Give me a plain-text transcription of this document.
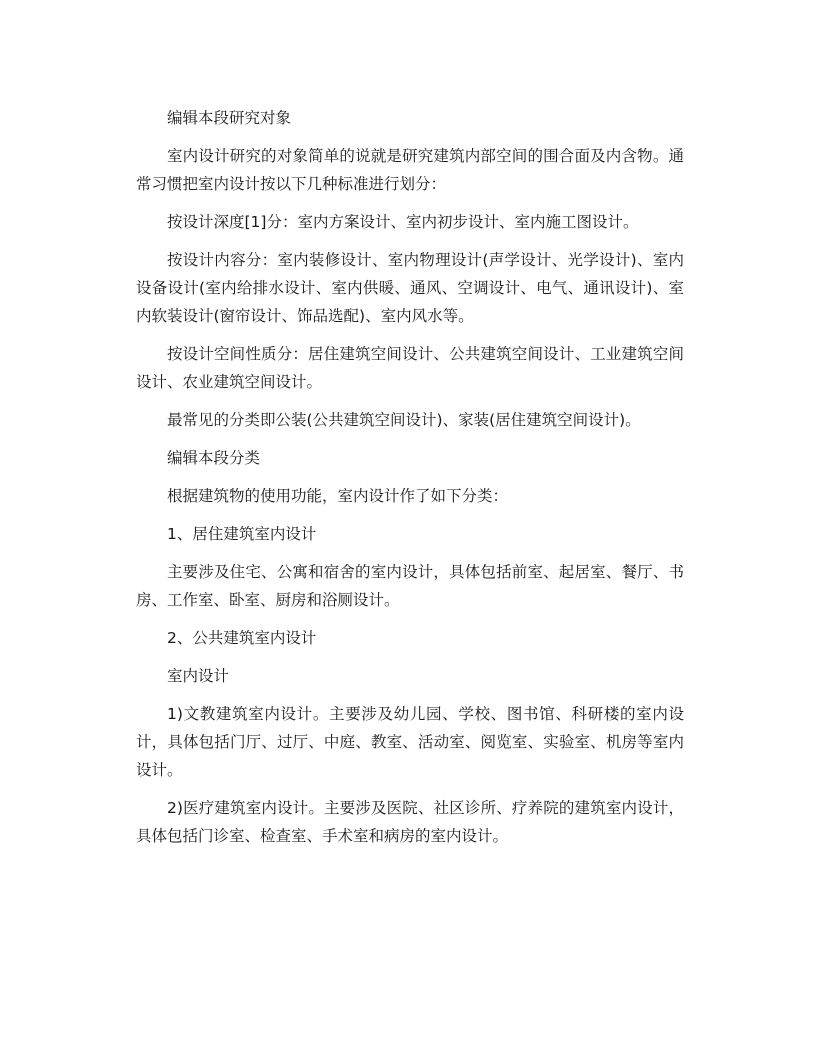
编辑本段研究对象

室内设计研究的对象简单的说就是研究建筑内部空间的围合面及内含物。通常习惯把室内设计按以下几种标准进行划分：

按设计深度[1]分：室内方案设计、室内初步设计、室内施工图设计。

按设计内容分：室内装修设计、室内物理设计(声学设计、光学设计)、室内设备设计(室内给排水设计、室内供暖、通风、空调设计、电气、通讯设计)、室内软装设计(窗帘设计、饰品选配)、室内风水等。

按设计空间性质分：居住建筑空间设计、公共建筑空间设计、工业建筑空间设计、农业建筑空间设计。

最常见的分类即公装(公共建筑空间设计)、家装(居住建筑空间设计)。

编辑本段分类

根据建筑物的使用功能，室内设计作了如下分类：

1、居住建筑室内设计

主要涉及住宅、公寓和宿舍的室内设计，具体包括前室、起居室、餐厅、书房、工作室、卧室、厨房和浴厕设计。

2、公共建筑室内设计

室内设计

1)文教建筑室内设计。主要涉及幼儿园、学校、图书馆、科研楼的室内设计，具体包括门厅、过厅、中庭、教室、活动室、阅览室、实验室、机房等室内设计。

2)医疗建筑室内设计。主要涉及医院、社区诊所、疗养院的建筑室内设计，具体包括门诊室、检查室、手术室和病房的室内设计。
